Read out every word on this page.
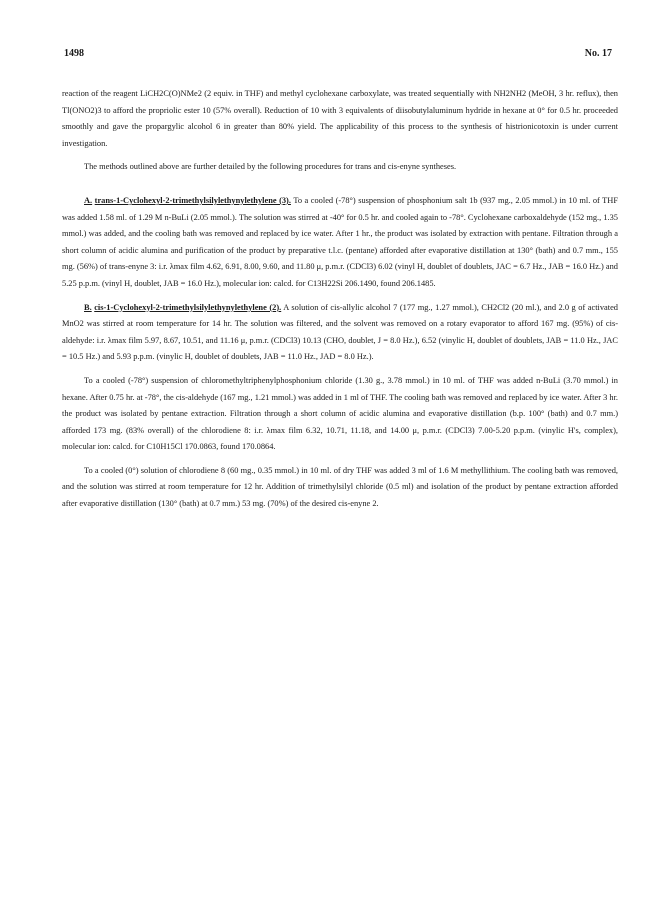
1498	No. 17

reaction of the reagent LiCH2C(O)NMe2 (2 equiv. in THF) and methyl cyclohexane carboxylate, was treated sequentially with NH2NH2 (MeOH, 3 hr. reflux), then Tl(ONO2)3 to afford the propriolic ester 10 (57% overall). Reduction of 10 with 3 equivalents of diisobutylaluminum hydride in hexane at 0° for 0.5 hr. proceeded smoothly and gave the propargylic alcohol 6 in greater than 80% yield. The applicability of this process to the synthesis of histrionicotoxin is under current investigation.

The methods outlined above are further detailed by the following procedures for trans and cis-enyne syntheses.

A. trans-1-Cyclohexyl-2-trimethylsilylethynylethylene (3). To a cooled (-78°) suspension of phosphonium salt 1b (937 mg., 2.05 mmol.) in 10 ml. of THF was added 1.58 ml. of 1.29 M n-BuLi (2.05 mmol.). The solution was stirred at -40° for 0.5 hr. and cooled again to -78°. Cyclohexane carboxaldehyde (152 mg., 1.35 mmol.) was added, and the cooling bath was removed and replaced by ice water. After 1 hr., the product was isolated by extraction with pentane. Filtration through a short column of acidic alumina and purification of the product by preparative t.l.c. (pentane) afforded after evaporative distillation at 130° (bath) and 0.7 mm., 155 mg. (56%) of trans-enyne 3: i.r. λmax film 4.62, 6.91, 8.00, 9.60, and 11.80 μ, p.m.r. (CDCl3) 6.02 (vinyl H, doublet of doublets, JAC = 6.7 Hz., JAB = 16.0 Hz.) and 5.25 p.p.m. (vinyl H, doublet, JAB = 16.0 Hz.), molecular ion: calcd. for C13H22Si 206.1490, found 206.1485.

B. cis-1-Cyclohexyl-2-trimethylsilylethynylethylene (2). A solution of cis-allylic alcohol 7 (177 mg., 1.27 mmol.), CH2Cl2 (20 ml.), and 2.0 g of activated MnO2 was stirred at room temperature for 14 hr. The solution was filtered, and the solvent was removed on a rotary evaporator to afford 167 mg. (95%) of cis-aldehyde: i.r. λmax film 5.97, 8.67, 10.51, and 11.16 μ, p.m.r. (CDCl3) 10.13 (CHO, doublet, J = 8.0 Hz.), 6.52 (vinylic H, doublet of doublets, JAB = 11.0 Hz., JAC = 10.5 Hz.) and 5.93 p.p.m. (vinylic H, doublet of doublets, JAB = 11.0 Hz., JAD = 8.0 Hz.).

To a cooled (-78°) suspension of chloromethyltriphenylphosphonium chloride (1.30 g., 3.78 mmol.) in 10 ml. of THF was added n-BuLi (3.70 mmol.) in hexane. After 0.75 hr. at -78°, the cis-aldehyde (167 mg., 1.21 mmol.) was added in 1 ml of THF. The cooling bath was removed and replaced by ice water. After 3 hr. the product was isolated by pentane extraction. Filtration through a short column of acidic alumina and evaporative distillation (b.p. 100° (bath) and 0.7 mm.) afforded 173 mg. (83% overall) of the chlorodiene 8: i.r. λmax film 6.32, 10.71, 11.18, and 14.00 μ, p.m.r. (CDCl3) 7.00-5.20 p.p.m. (vinylic H's, complex), molecular ion: calcd. for C10H15Cl 170.0863, found 170.0864.

To a cooled (0°) solution of chlorodiene 8 (60 mg., 0.35 mmol.) in 10 ml. of dry THF was added 3 ml of 1.6 M methyllithium. The cooling bath was removed, and the solution was stirred at room temperature for 12 hr. Addition of trimethylsilyl chloride (0.5 ml) and isolation of the product by pentane extraction afforded after evaporative distillation (130° (bath) at 0.7 mm.) 53 mg. (70%) of the desired cis-enyne 2.
